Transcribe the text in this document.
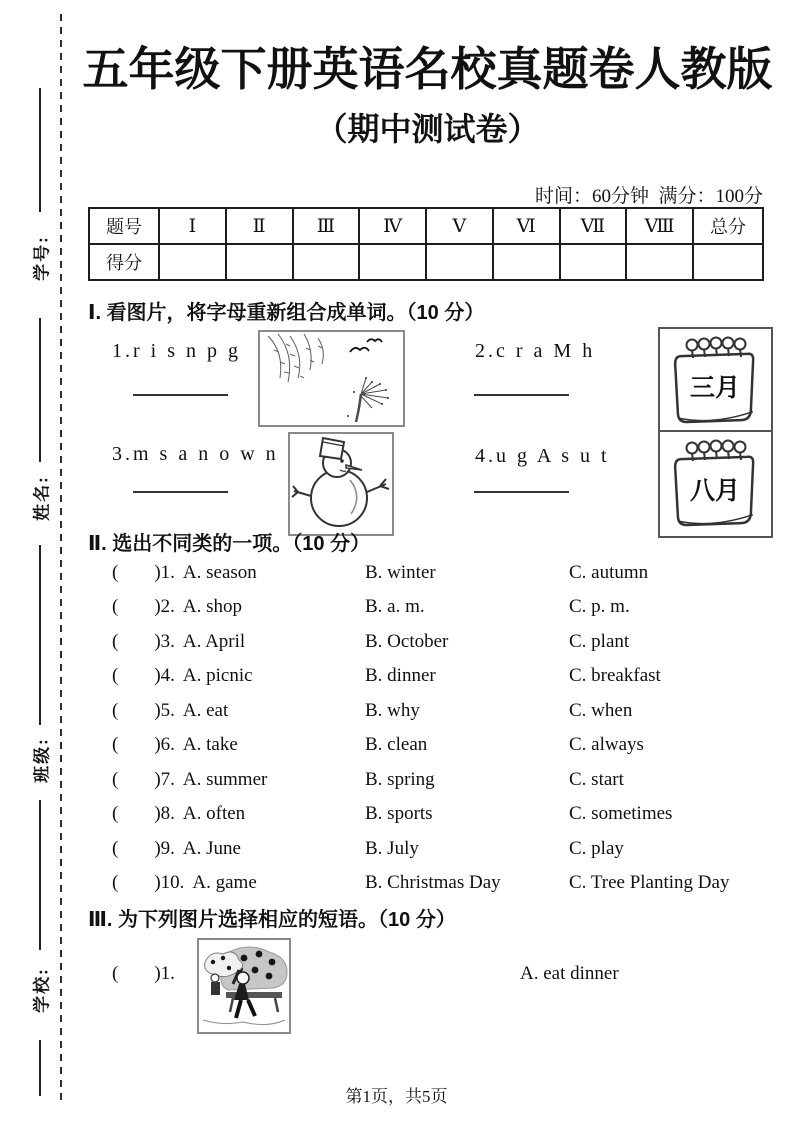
学号:
姓名:
班级:
学校:
五年级下册英语名校真题卷人教版
（期中测试卷）
时间：60分钟  满分：100分
题号	Ⅰ	Ⅱ	Ⅲ	Ⅳ	Ⅴ	Ⅵ	Ⅶ	Ⅷ	总分
得分									
Ⅰ. 看图片，将字母重新组合成单词。（10 分）
1.r i s n p g	2.c r a M h
三月
3.m s a n o w n	4.u g A s u t
八月
Ⅱ. 选出不同类的一项。（10 分）
( )1. A. season	B. winter	C. autumn
( )2. A. shop	B. a. m.	C. p. m.
( )3. A. April	B. October	C. plant
( )4. A. picnic	B. dinner	C. breakfast
( )5. A. eat	B. why	C. when
( )6. A. take	B. clean	C. always
( )7. A. summer	B. spring	C. start
( )8. A. often	B. sports	C. sometimes
( )9. A. June	B. July	C. play
( )10. A. game	B. Christmas Day	C. Tree Planting Day
Ⅲ. 为下列图片选择相应的短语。（10 分）
( )1.	A. eat dinner
第1页，共5页
